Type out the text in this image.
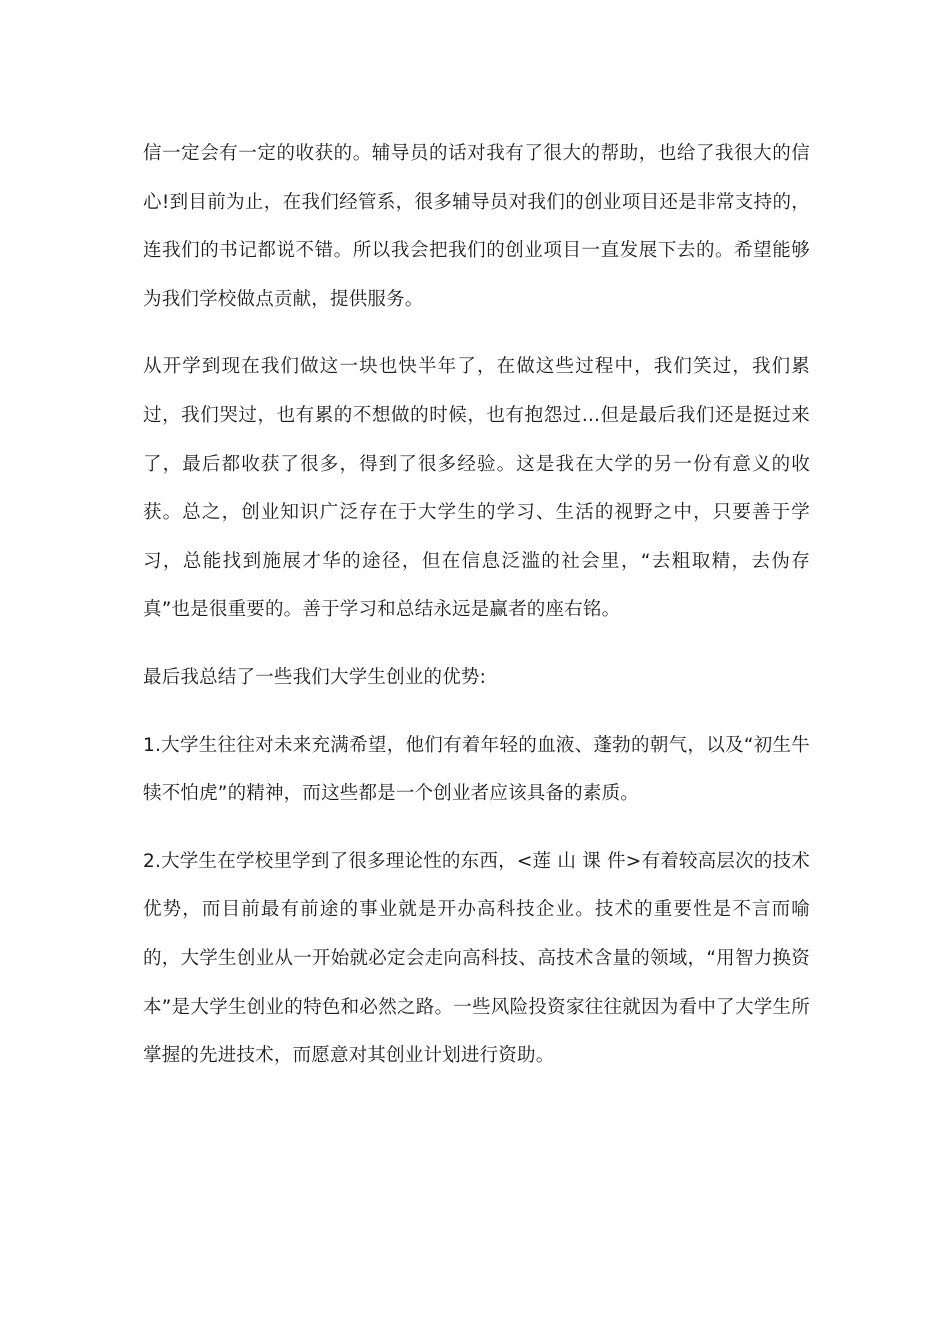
信一定会有一定的收获的。辅导员的话对我有了很大的帮助，也给了我很大的信心!到目前为止，在我们经管系，很多辅导员对我们的创业项目还是非常支持的，连我们的书记都说不错。所以我会把我们的创业项目一直发展下去的。希望能够为我们学校做点贡献，提供服务。

从开学到现在我们做这一块也快半年了，在做这些过程中，我们笑过，我们累过，我们哭过，也有累的不想做的时候，也有抱怨过...但是最后我们还是挺过来了，最后都收获了很多，得到了很多经验。这是我在大学的另一份有意义的收获。总之，创业知识广泛存在于大学生的学习、生活的视野之中，只要善于学习，总能找到施展才华的途径，但在信息泛滥的社会里，“去粗取精，去伪存真”也是很重要的。善于学习和总结永远是赢者的座右铭。

最后我总结了一些我们大学生创业的优势:

1.大学生往往对未来充满希望，他们有着年轻的血液、蓬勃的朝气，以及“初生牛犊不怕虎”的精神，而这些都是一个创业者应该具备的素质。

2.大学生在学校里学到了很多理论性的东西，<莲 山 课 件>有着较高层次的技术优势，而目前最有前途的事业就是开办高科技企业。技术的重要性是不言而喻的，大学生创业从一开始就必定会走向高科技、高技术含量的领域，“用智力换资本”是大学生创业的特色和必然之路。一些风险投资家往往就因为看中了大学生所掌握的先进技术，而愿意对其创业计划进行资助。
